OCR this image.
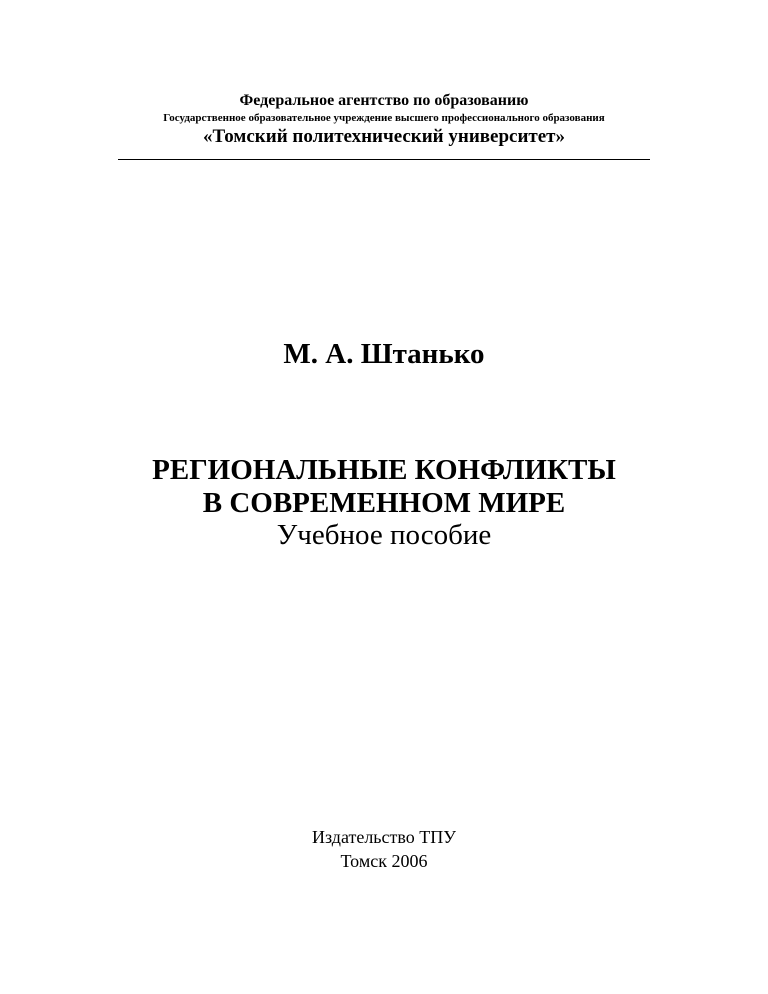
Федеральное агентство по образованию
Государственное образовательное учреждение высшего профессионального образования
«Томский политехнический университет»
М. А. Штанько
РЕГИОНАЛЬНЫЕ КОНФЛИКТЫ
В СОВРЕМЕННОМ МИРЕ
Учебное пособие
Издательство ТПУ
Томск 2006
